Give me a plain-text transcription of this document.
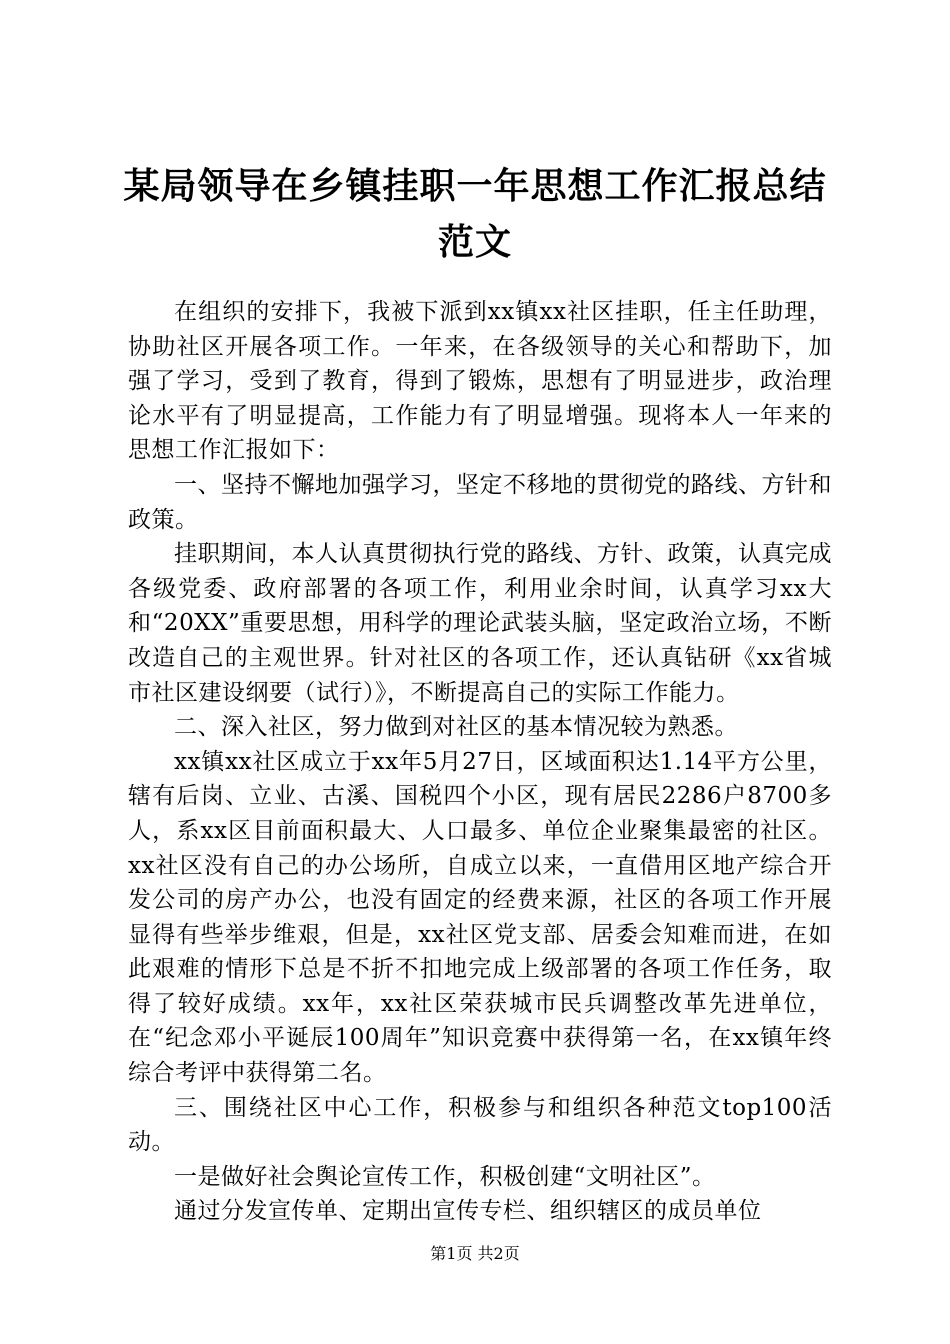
某局领导在乡镇挂职一年思想工作汇报总结范文

在组织的安排下，我被下派到xx镇xx社区挂职，任主任助理，协助社区开展各项工作。一年来，在各级领导的关心和帮助下，加强了学习，受到了教育，得到了锻炼，思想有了明显进步，政治理论水平有了明显提高，工作能力有了明显增强。现将本人一年来的思想工作汇报如下：

一、坚持不懈地加强学习，坚定不移地的贯彻党的路线、方针和政策。

挂职期间，本人认真贯彻执行党的路线、方针、政策，认真完成各级党委、政府部署的各项工作，利用业余时间，认真学习xx大和“20XX”重要思想，用科学的理论武装头脑，坚定政治立场，不断改造自己的主观世界。针对社区的各项工作，还认真钻研《xx省城市社区建设纲要（试行）》，不断提高自己的实际工作能力。

二、深入社区，努力做到对社区的基本情况较为熟悉。

xx镇xx社区成立于xx年5月27日，区域面积达1.14平方公里，辖有后岗、立业、古溪、国税四个小区，现有居民2286户8700多人，系xx区目前面积最大、人口最多、单位企业聚集最密的社区。xx社区没有自己的办公场所，自成立以来，一直借用区地产综合开发公司的房产办公，也没有固定的经费来源，社区的各项工作开展显得有些举步维艰，但是，xx社区党支部、居委会知难而进，在如此艰难的情形下总是不折不扣地完成上级部署的各项工作任务，取得了较好成绩。xx年，xx社区荣获城市民兵调整改革先进单位，在“纪念邓小平诞辰100周年”知识竞赛中获得第一名，在xx镇年终综合考评中获得第二名。

三、围绕社区中心工作，积极参与和组织各种范文top100活动。

一是做好社会舆论宣传工作，积极创建“文明社区”。

通过分发宣传单、定期出宣传专栏、组织辖区的成员单位

第1页 共2页
